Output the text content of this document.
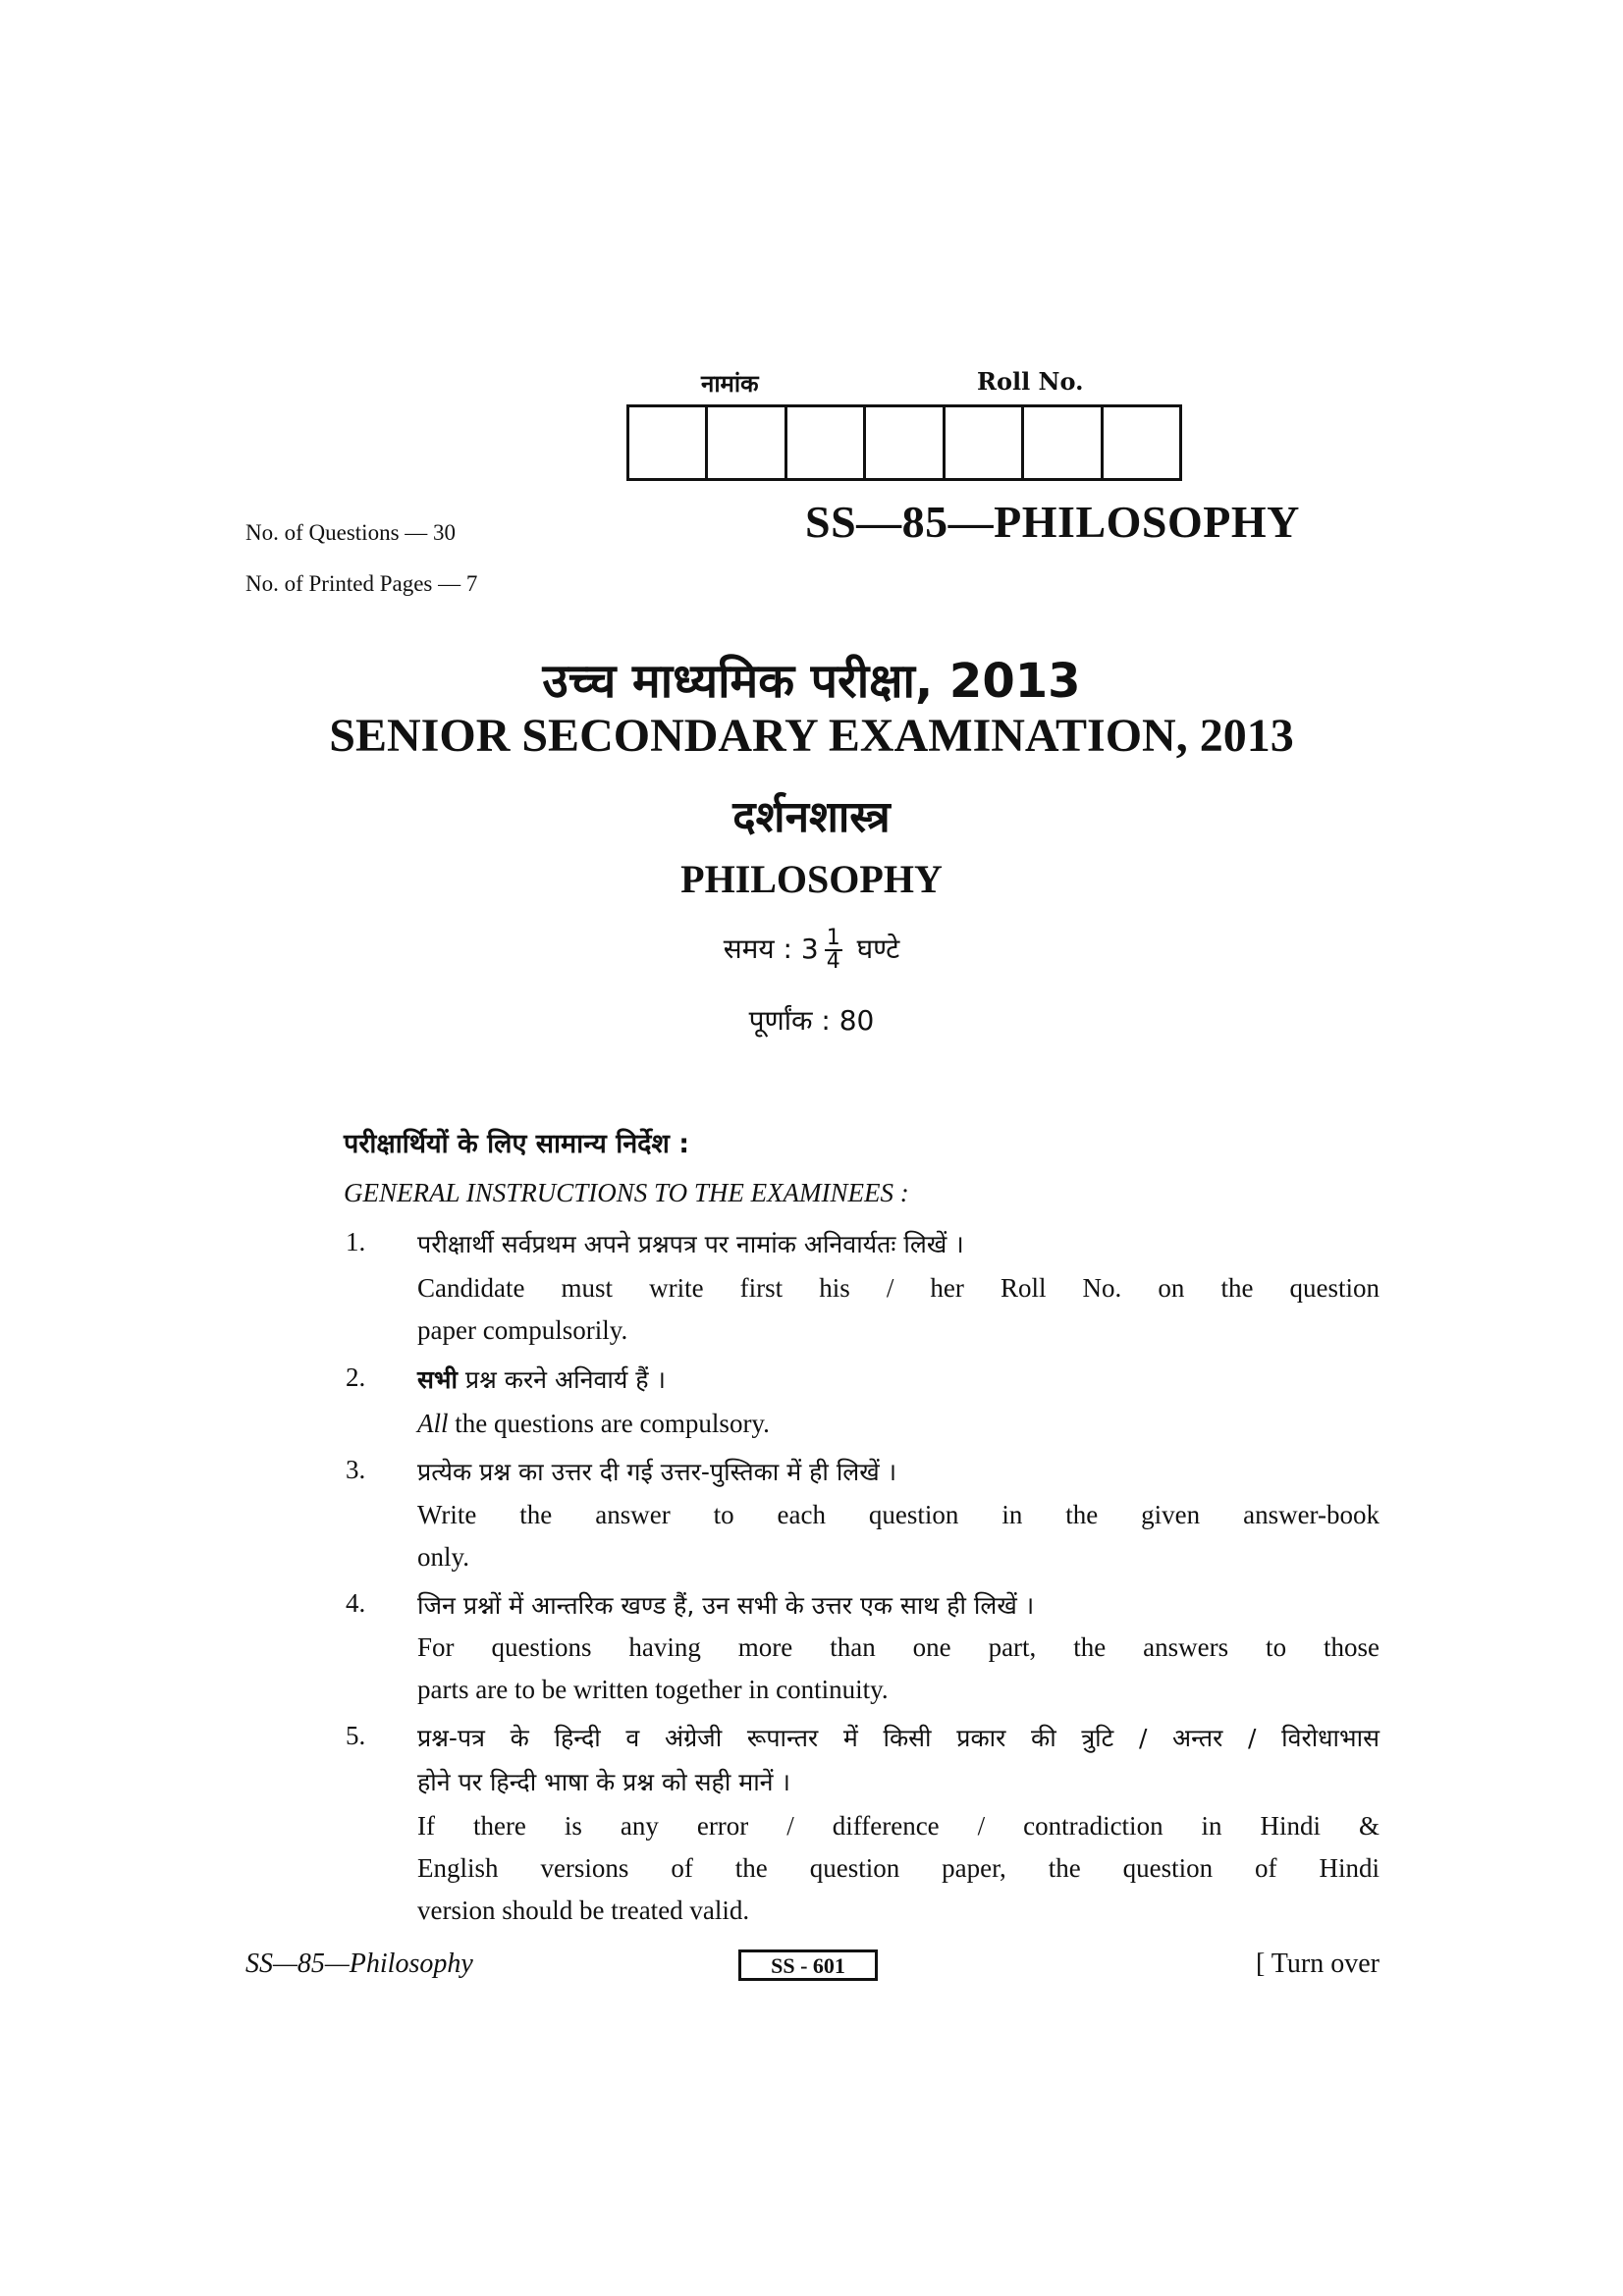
नामांक	Roll No.
No. of Questions — 30
No. of Printed Pages — 7
SS—85—PHILOSOPHY
उच्च माध्यमिक परीक्षा, 2013
SENIOR SECONDARY EXAMINATION, 2013
दर्शनशास्त्र
PHILOSOPHY
समय : $3 \frac{1}{4}$ घण्टे
पूर्णांक : 80
परीक्षार्थियों के लिए सामान्य निर्देश :
GENERAL INSTRUCTIONS TO THE EXAMINEES :
1. परीक्षार्थी सर्वप्रथम अपने प्रश्नपत्र पर नामांक अनिवार्यतः लिखें ।
Candidate must write first his / her Roll No. on the question
paper compulsorily.
2. सभी प्रश्न करने अनिवार्य हैं ।
All the questions are compulsory.
3. प्रत्येक प्रश्न का उत्तर दी गई उत्तर-पुस्तिका में ही लिखें ।
Write the answer to each question in the given answer-book
only.
4. जिन प्रश्नों में आन्तरिक खण्ड हैं, उन सभी के उत्तर एक साथ ही लिखें ।
For questions having more than one part, the answers to those
parts are to be written together in continuity.
5. प्रश्न-पत्र के हिन्दी व अंग्रेजी रूपान्तर में किसी प्रकार की त्रुटि / अन्तर / विरोधाभास
होने पर हिन्दी भाषा के प्रश्न को सही मानें ।
If there is any error / difference / contradiction in Hindi &
English versions of the question paper, the question of Hindi
version should be treated valid.
SS—85—Philosophy	SS - 601	[ Turn over
